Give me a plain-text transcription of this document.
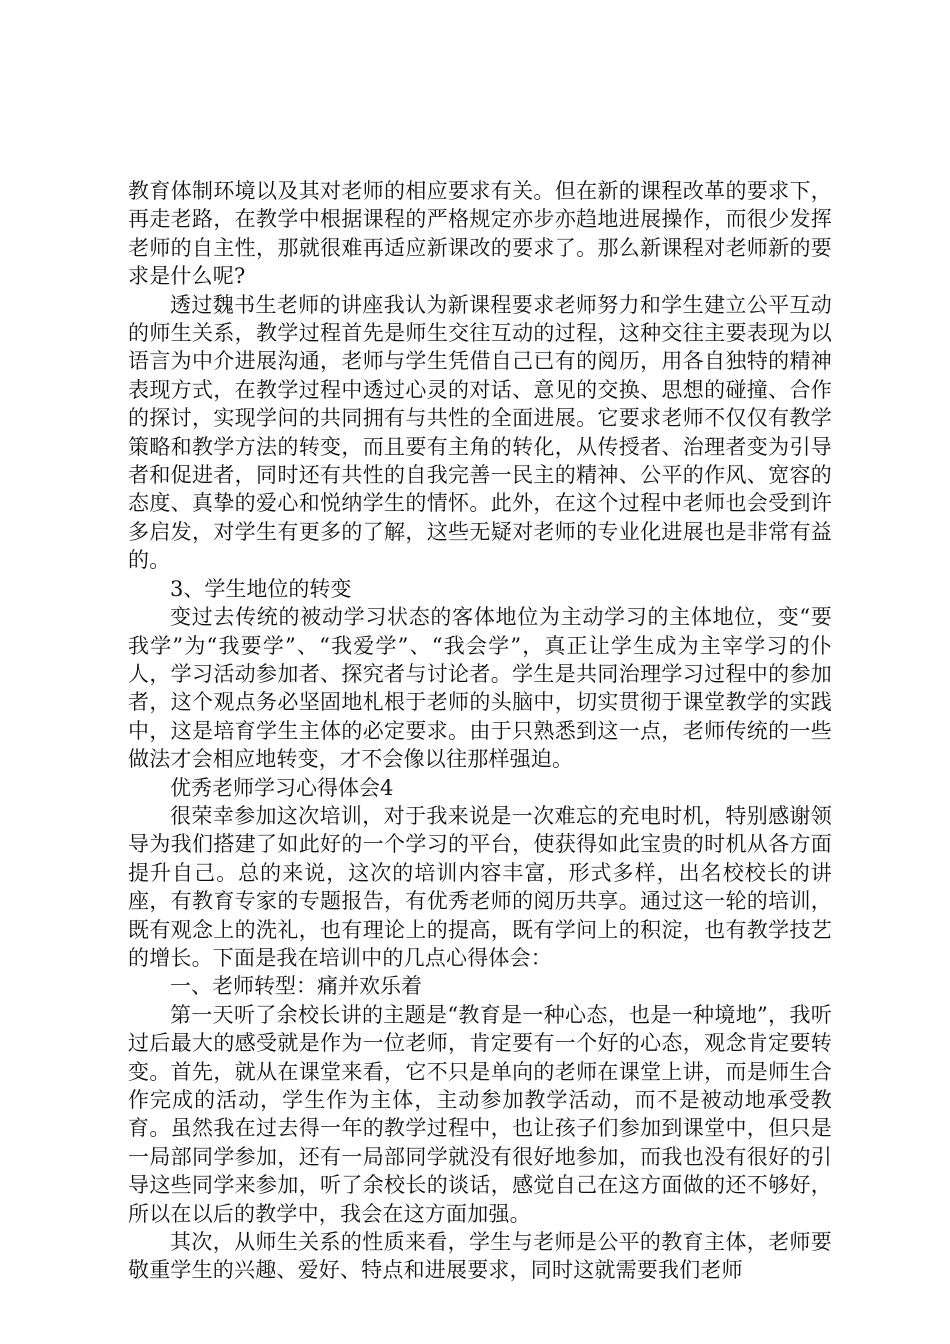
教育体制环境以及其对老师的相应要求有关。但在新的课程改革的要求下，再走老路，在教学中根据课程的严格规定亦步亦趋地进展操作，而很少发挥老师的自主性，那就很难再适应新课改的要求了。那么新课程对老师新的要求是什么呢?

透过魏书生老师的讲座我认为新课程要求老师努力和学生建立公平互动的师生关系，教学过程首先是师生交往互动的过程，这种交往主要表现为以语言为中介进展沟通，老师与学生凭借自己已有的阅历，用各自独特的精神表现方式，在教学过程中透过心灵的对话、意见的交换、思想的碰撞、合作的探讨，实现学问的共同拥有与共性的全面进展。它要求老师不仅仅有教学策略和教学方法的转变，而且要有主角的转化，从传授者、治理者变为引导者和促进者，同时还有共性的自我完善一民主的精神、公平的作风、宽容的态度、真挚的爱心和悦纳学生的情怀。此外，在这个过程中老师也会受到许多启发，对学生有更多的了解，这些无疑对老师的专业化进展也是非常有益的。

3、学生地位的转变

变过去传统的被动学习状态的客体地位为主动学习的主体地位，变“要我学”为“我要学”、“我爱学”、“我会学”，真正让学生成为主宰学习的仆人，学习活动参加者、探究者与讨论者。学生是共同治理学习过程中的参加者，这个观点务必坚固地札根于老师的头脑中，切实贯彻于课堂教学的实践中，这是培育学生主体的必定要求。由于只熟悉到这一点，老师传统的一些做法才会相应地转变，才不会像以往那样强迫。

优秀老师学习心得体会4

很荣幸参加这次培训，对于我来说是一次难忘的充电时机，特别感谢领导为我们搭建了如此好的一个学习的平台，使获得如此宝贵的时机从各方面提升自己。总的来说，这次的培训内容丰富，形式多样，出名校校长的讲座，有教育专家的专题报告，有优秀老师的阅历共享。通过这一轮的培训，既有观念上的洗礼，也有理论上的提高，既有学问上的积淀，也有教学技艺的增长。下面是我在培训中的几点心得体会：

一、老师转型：痛并欢乐着

第一天听了余校长讲的主题是“教育是一种心态，也是一种境地”，我听过后最大的感受就是作为一位老师，肯定要有一个好的心态，观念肯定要转变。首先，就从在课堂来看，它不只是单向的老师在课堂上讲，而是师生合作完成的活动，学生作为主体，主动参加教学活动，而不是被动地承受教育。虽然我在过去得一年的教学过程中，也让孩子们参加到课堂中，但只是一局部同学参加，还有一局部同学就没有很好地参加，而我也没有很好的引导这些同学来参加，听了余校长的谈话，感觉自己在这方面做的还不够好，所以在以后的教学中，我会在这方面加强。

其次，从师生关系的性质来看，学生与老师是公平的教育主体，老师要敬重学生的兴趣、爱好、特点和进展要求，同时这就需要我们老师
